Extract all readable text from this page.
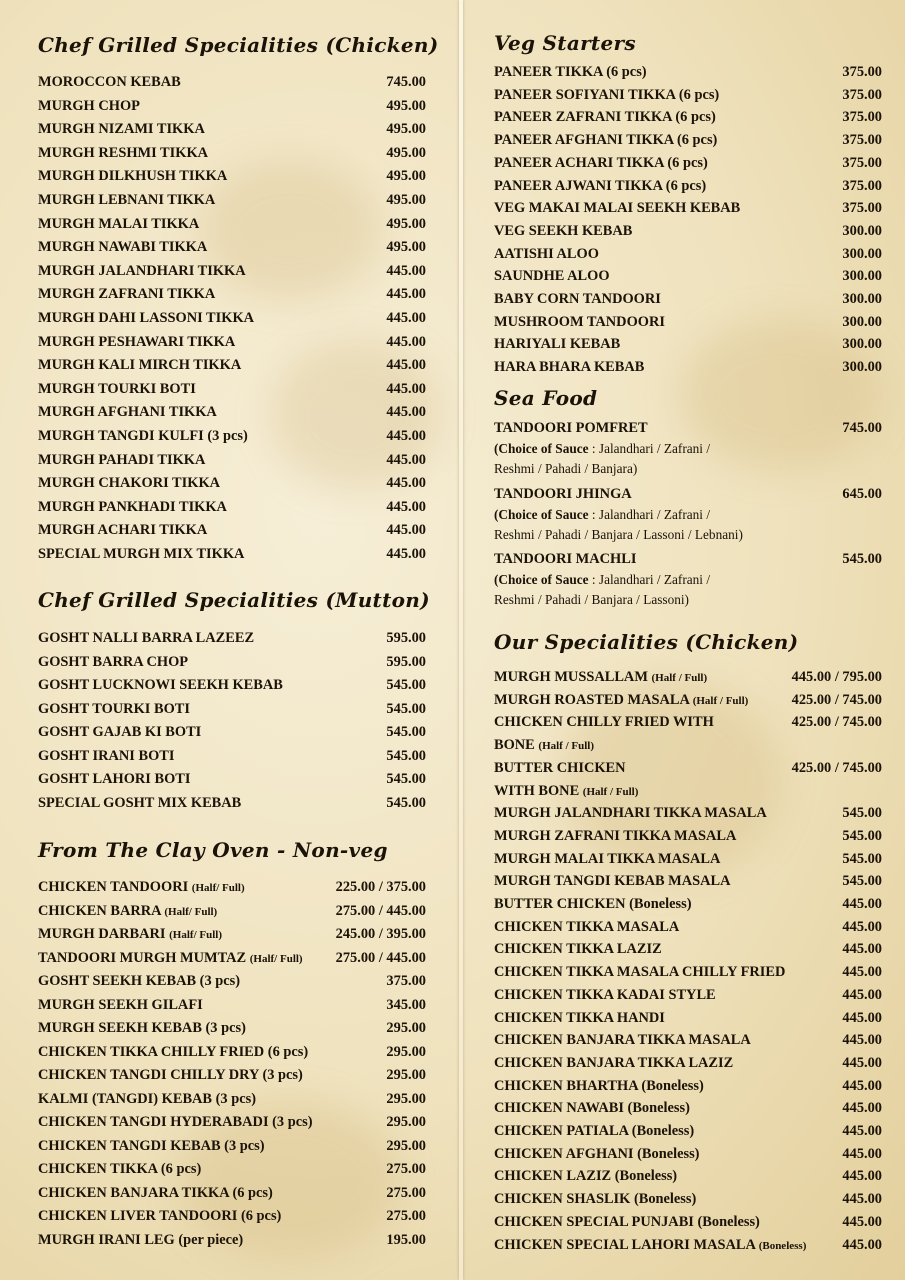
Chef Grilled Specialities (Chicken)
MOROCCON KEBAB	745.00
MURGH CHOP	495.00
MURGH NIZAMI TIKKA	495.00
MURGH RESHMI TIKKA	495.00
MURGH DILKHUSH TIKKA	495.00
MURGH LEBNANI TIKKA	495.00
MURGH MALAI TIKKA	495.00
MURGH NAWABI TIKKA	495.00
MURGH JALANDHARI TIKKA	445.00
MURGH ZAFRANI TIKKA	445.00
MURGH DAHI LASSONI TIKKA	445.00
MURGH PESHAWARI TIKKA	445.00
MURGH KALI MIRCH TIKKA	445.00
MURGH TOURKI BOTI	445.00
MURGH AFGHANI TIKKA	445.00
MURGH TANGDI KULFI (3 pcs)	445.00
MURGH PAHADI TIKKA	445.00
MURGH CHAKORI TIKKA	445.00
MURGH PANKHADI TIKKA	445.00
MURGH ACHARI TIKKA	445.00
SPECIAL MURGH MIX TIKKA	445.00
Chef Grilled Specialities (Mutton)
GOSHT NALLI BARRA LAZEEZ	595.00
GOSHT BARRA CHOP	595.00
GOSHT LUCKNOWI SEEKH KEBAB	545.00
GOSHT TOURKI BOTI	545.00
GOSHT GAJAB KI BOTI	545.00
GOSHT IRANI BOTI	545.00
GOSHT LAHORI BOTI	545.00
SPECIAL GOSHT MIX KEBAB	545.00
From The Clay Oven - Non-veg
CHICKEN TANDOORI (Half/ Full)	225.00 / 375.00
CHICKEN BARRA (Half/ Full)	275.00 / 445.00
MURGH DARBARI (Half/ Full)	245.00 / 395.00
TANDOORI MURGH MUMTAZ (Half/ Full) 275.00 / 445.00
GOSHT SEEKH KEBAB (3 pcs)	375.00
MURGH SEEKH GILAFI	345.00
MURGH SEEKH KEBAB (3 pcs)	295.00
CHICKEN TIKKA CHILLY FRIED (6 pcs)	295.00
CHICKEN TANGDI CHILLY DRY (3 pcs)	295.00
KALMI (TANGDI) KEBAB (3 pcs)	295.00
CHICKEN TANGDI HYDERABADI (3 pcs)	295.00
CHICKEN TANGDI KEBAB (3 pcs)	295.00
CHICKEN TIKKA (6 pcs)	275.00
CHICKEN BANJARA TIKKA (6 pcs)	275.00
CHICKEN LIVER TANDOORI (6 pcs)	275.00
MURGH IRANI LEG (per piece)	195.00
Veg Starters
PANEER TIKKA (6 pcs)	375.00
PANEER SOFIYANI TIKKA (6 pcs)	375.00
PANEER ZAFRANI TIKKA (6 pcs)	375.00
PANEER AFGHANI TIKKA (6 pcs)	375.00
PANEER ACHARI TIKKA (6 pcs)	375.00
PANEER AJWANI TIKKA (6 pcs)	375.00
VEG MAKAI MALAI SEEKH KEBAB	375.00
VEG SEEKH KEBAB	300.00
AATISHI ALOO	300.00
SAUNDHE ALOO	300.00
BABY CORN TANDOORI	300.00
MUSHROOM TANDOORI	300.00
HARIYALI KEBAB	300.00
HARA BHARA KEBAB	300.00
Sea Food
TANDOORI POMFRET	745.00
(Choice of Sauce : Jalandhari / Zafrani /
Reshmi / Pahadi / Banjara)
TANDOORI JHINGA	645.00
(Choice of Sauce : Jalandhari / Zafrani /
Reshmi / Pahadi / Banjara / Lassoni / Lebnani)
TANDOORI MACHLI	545.00
(Choice of Sauce : Jalandhari / Zafrani /
Reshmi / Pahadi / Banjara / Lassoni)
Our Specialities (Chicken)
MURGH MUSSALLAM (Half / Full)	445.00 / 795.00
MURGH ROASTED MASALA (Half / Full)	425.00 / 745.00
CHICKEN CHILLY FRIED WITH	425.00 / 745.00
BONE (Half / Full)
BUTTER CHICKEN	425.00 / 745.00
WITH BONE (Half / Full)
MURGH JALANDHARI TIKKA MASALA	545.00
MURGH ZAFRANI TIKKA MASALA	545.00
MURGH MALAI TIKKA MASALA	545.00
MURGH TANGDI KEBAB MASALA	545.00
BUTTER CHICKEN (Boneless)	445.00
CHICKEN TIKKA MASALA	445.00
CHICKEN TIKKA LAZIZ	445.00
CHICKEN TIKKA MASALA CHILLY FRIED	445.00
CHICKEN TIKKA KADAI STYLE	445.00
CHICKEN TIKKA HANDI	445.00
CHICKEN BANJARA TIKKA MASALA	445.00
CHICKEN BANJARA TIKKA LAZIZ	445.00
CHICKEN BHARTHA (Boneless)	445.00
CHICKEN NAWABI (Boneless)	445.00
CHICKEN PATIALA (Boneless)	445.00
CHICKEN AFGHANI (Boneless)	445.00
CHICKEN LAZIZ (Boneless)	445.00
CHICKEN SHASLIK (Boneless)	445.00
CHICKEN SPECIAL PUNJABI (Boneless)	445.00
CHICKEN SPECIAL LAHORI MASALA (Boneless)	445.00
